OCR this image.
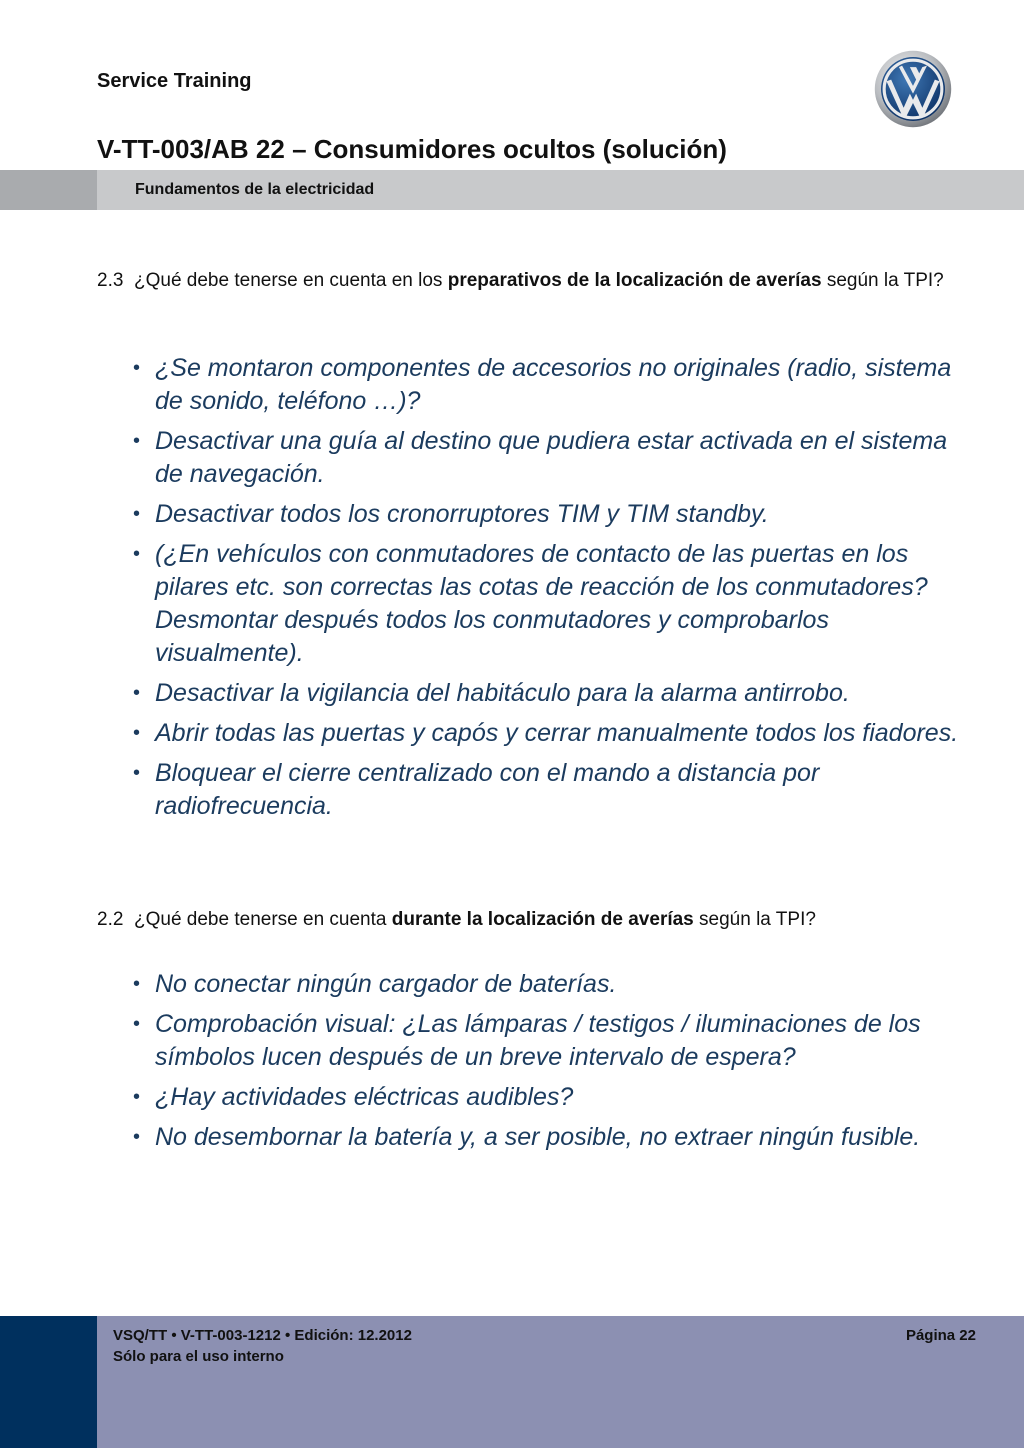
Service Training
V-TT-003/AB 22 – Consumidores ocultos (solución)
Fundamentos de la electricidad
2.3 ¿Qué debe tenerse en cuenta en los preparativos de la localización de averías según la TPI?
• ¿Se montaron componentes de accesorios no originales (radio, sistema de sonido, teléfono …)?
• Desactivar una guía al destino que pudiera estar activada en el sistema de navegación.
• Desactivar todos los cronorruptores TIM y TIM standby.
• (¿En vehículos con conmutadores de contacto de las puertas en los pilares etc. son correctas las cotas de reacción de los conmutadores? Desmontar después todos los conmutadores y comprobarlos visualmente).
• Desactivar la vigilancia del habitáculo para la alarma antirrobo.
• Abrir todas las puertas y capós y cerrar manualmente todos los fiadores.
• Bloquear el cierre centralizado con el mando a distancia por radiofrecuencia.
2.2 ¿Qué debe tenerse en cuenta durante la localización de averías según la TPI?
• No conectar ningún cargador de baterías.
• Comprobación visual: ¿Las lámparas / testigos / iluminaciones de los símbolos lucen después de un breve intervalo de espera?
• ¿Hay actividades eléctricas audibles?
• No desembornar la batería y, a ser posible, no extraer ningún fusible.
VSQ/TT • V-TT-003-1212 • Edición: 12.2012
Sólo para el uso interno
Página 22
